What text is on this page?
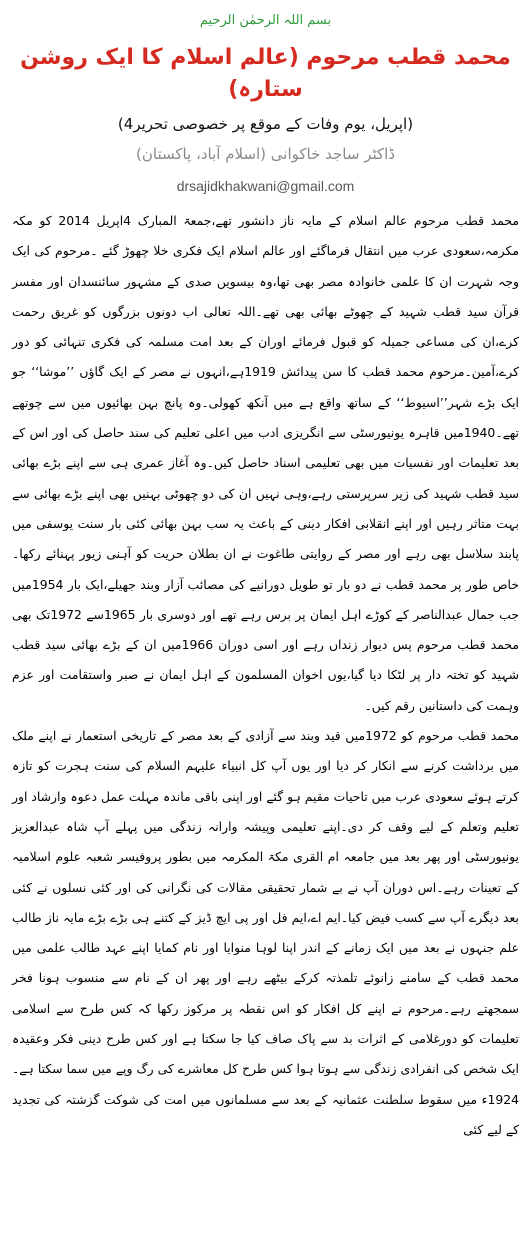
بسم اللہ الرحمٰن الرحیم
محمد قطب مرحوم (عالم اسلام کا ایک روشن ستارہ)
(4اپریل، یوم وفات کے موقع پر خصوصی تحریر)
ڈاکٹر ساجد خاکوانی (اسلام آباد، پاکستان)
drsajidkhakwani@gmail.com

محمد قطب مرحوم عالم اسلام کے مایہ ناز دانشور تھے،جمعۃ المبارک 4اپریل 2014 کو مکہ مکرمہ،سعودی عرب میں انتقال فرماگئے اور عالم اسلام ایک فکری خلا چھوڑ گئے ۔مرحوم کی ایک وجہ شہرت ان کا علمی خانوادہ مصر بھی تھا،وہ بیسویں صدی کے مشہور سائنسدان اور مفسر قرآن سید قطب شہید کے چھوٹے بھائی بھی تھے۔اللہ تعالی اب دونوں بزرگوں کو غریق رحمت کرے،ان کی مساعی جمیلہ کو قبول فرمائے اوران کے بعد امت مسلمہ کی فکری تنہائی کو دور کرے،آمین۔مرحوم محمد قطب کا سن پیدائش 1919ہے،انہوں نے مصر کے ایک گاؤں ’’موشا‘‘ جو ایک بڑے شہر’’اسیوط‘‘ کے ساتھ واقع ہے میں آنکھ کھولی۔وہ پانچ بہن بھائیوں میں سے چوتھے تھے۔1940میں قاہرہ یونیورسٹی سے انگریزی ادب میں اعلی تعلیم کی سند حاصل کی اور اس کے بعد تعلیمات اور نفسیات میں بھی تعلیمی اسناد حاصل کیں۔وہ آغاز عمری ہی سے اپنے بڑے بھائی سید قطب شہید کی زیر سرپرستی رہے،وہی نہیں ان کی دو چھوٹی بہنیں بھی اپنے بڑے بھائی سے بہت متاثر رہیں اور اپنے انقلابی افکار دینی کے باعث یہ سب بہن بھائی کئی بار سنت یوسفی میں پابند سلاسل بھی رہے اور مصر کے روایتی طاغوت نے ان بطلان حریت کو آہنی زیور پہنائے رکھا۔خاص طور پر محمد قطب نے دو بار تو طویل دورانیے کی مصائب آزار وبند جھیلے،ایک بار 1954میں جب جمال عبدالناصر کے کوڑے اہل ایمان پر برس رہے تھے اور دوسری بار 1965سے 1972تک بھی محمد قطب مرحوم پس دیوار زنداں رہے اور اسی دوران 1966میں ان کے بڑے بھائی سید قطب شہید کو تختہ دار پر لٹکا دیا گیا،یوں اخوان المسلمون کے اہل ایمان نے صبر واستقامت اور عزم وہمت کی داستانیں رقم کیں۔

محمد قطب مرحوم کو 1972میں قید وبند سے آزادی کے بعد مصر کے تاریخی استعمار نے اپنے ملک میں برداشت کرنے سے انکار کر دیا اور یوں آپ کل انبیاء علیہم السلام کی سنت ہجرت کو تازہ کرتے ہوئے سعودی عرب میں تاحیات مقیم ہو گئے اور اپنی باقی ماندہ مہلت عمل دعوہ وارشاد اور تعلیم وتعلم کے لیے وقف کر دی۔اپنے تعلیمی وپیشہ وارانہ زندگی میں پہلے آپ شاہ عبدالعزیز یونیورسٹی اور پھر بعد میں جامعہ ام القری مکۃ المکرمہ میں بطور پروفیسر شعبہ علوم اسلامیہ کے تعینات رہے۔اس دوران آپ نے بے شمار تحقیقی مقالات کی نگرانی کی اور کئی نسلوں نے کئی بعد دیگرے آپ سے کسب فیض کیا۔ایم اے،ایم فل اور پی ایچ ڈیز کے کتنے ہی بڑے بڑے مایہ ناز طالب علم جنہوں نے بعد میں ایک زمانے کے اندر اپنا لوہا منوایا اور نام کمایا اپنے عہد طالب علمی میں محمد قطب کے سامنے زانوئے تلمذتہ کرکے بیٹھے رہے اور پھر ان کے نام سے منسوب ہونا فخر سمجھتے رہے۔مرحوم نے اپنے کل افکار کو اس نقطہ پر مرکوز رکھا کہ کس طرح سے اسلامی تعلیمات کو دورغلامی کے اثرات بد سے پاک صاف کیا جا سکتا ہے اور کس طرح دینی فکر وعقیدہ ایک شخص کی انفرادی زندگی سے ہوتا ہوا کس طرح کل معاشرے کی رگ وپے میں سما سکتا ہے۔1924ء میں سقوط سلطنت عثمانیہ کے بعد سے مسلمانوں میں امت کی شوکت گزشتہ کی تجدید کے لیے کئی
